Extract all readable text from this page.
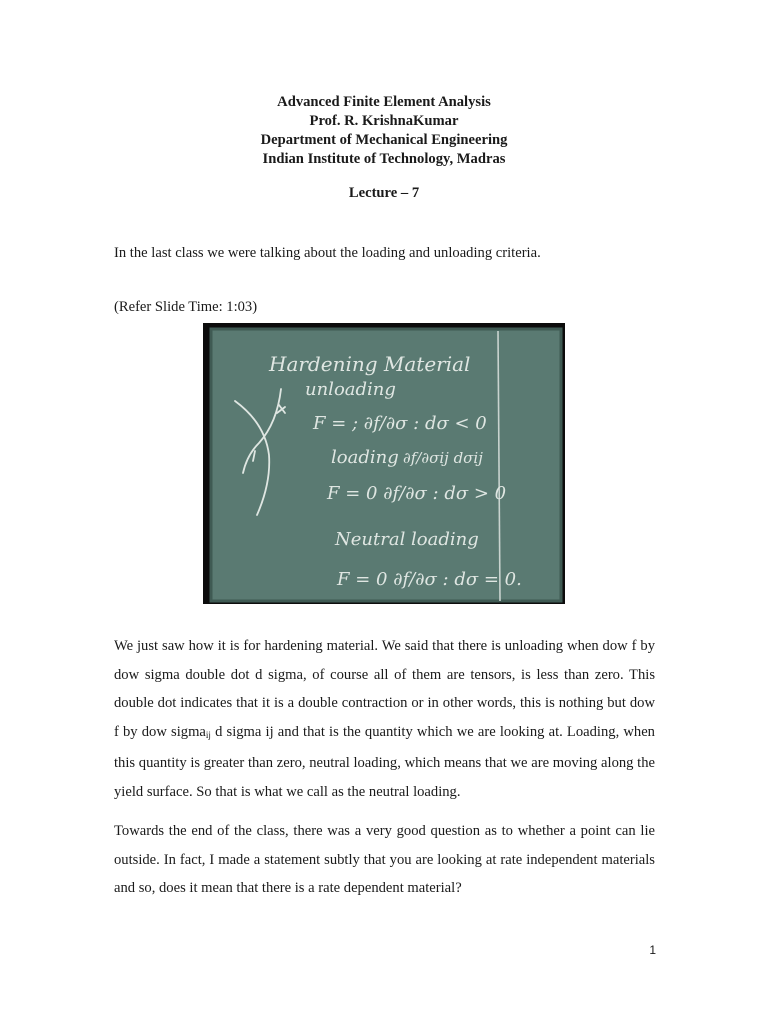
Advanced Finite Element Analysis
Prof. R. KrishnaKumar
Department of Mechanical Engineering
Indian Institute of Technology, Madras
Lecture – 7

In the last class we were talking about the loading and unloading criteria.

(Refer Slide Time: 1:03)

Hardening Material
unloading
F = ; ∂f/∂σ : dσ < 0
loading ∂f/∂σij dσij
F = 0 ∂f/∂σ : dσ > 0
Neutral loading
F = 0 ∂f/∂σ : dσ = 0.

We just saw how it is for hardening material. We said that there is unloading when dow f by dow sigma double dot d sigma, of course all of them are tensors, is less than zero. This double dot indicates that it is a double contraction or in other words, this is nothing but dow f by dow sigma$_{ij}$ d sigma ij and that is the quantity which we are looking at. Loading, when this quantity is greater than zero, neutral loading, which means that we are moving along the yield surface. So that is what we call as the neutral loading.

Towards the end of the class, there was a very good question as to whether a point can lie outside. In fact, I made a statement subtly that you are looking at rate independent materials and so, does it mean that there is a rate dependent material?

1
